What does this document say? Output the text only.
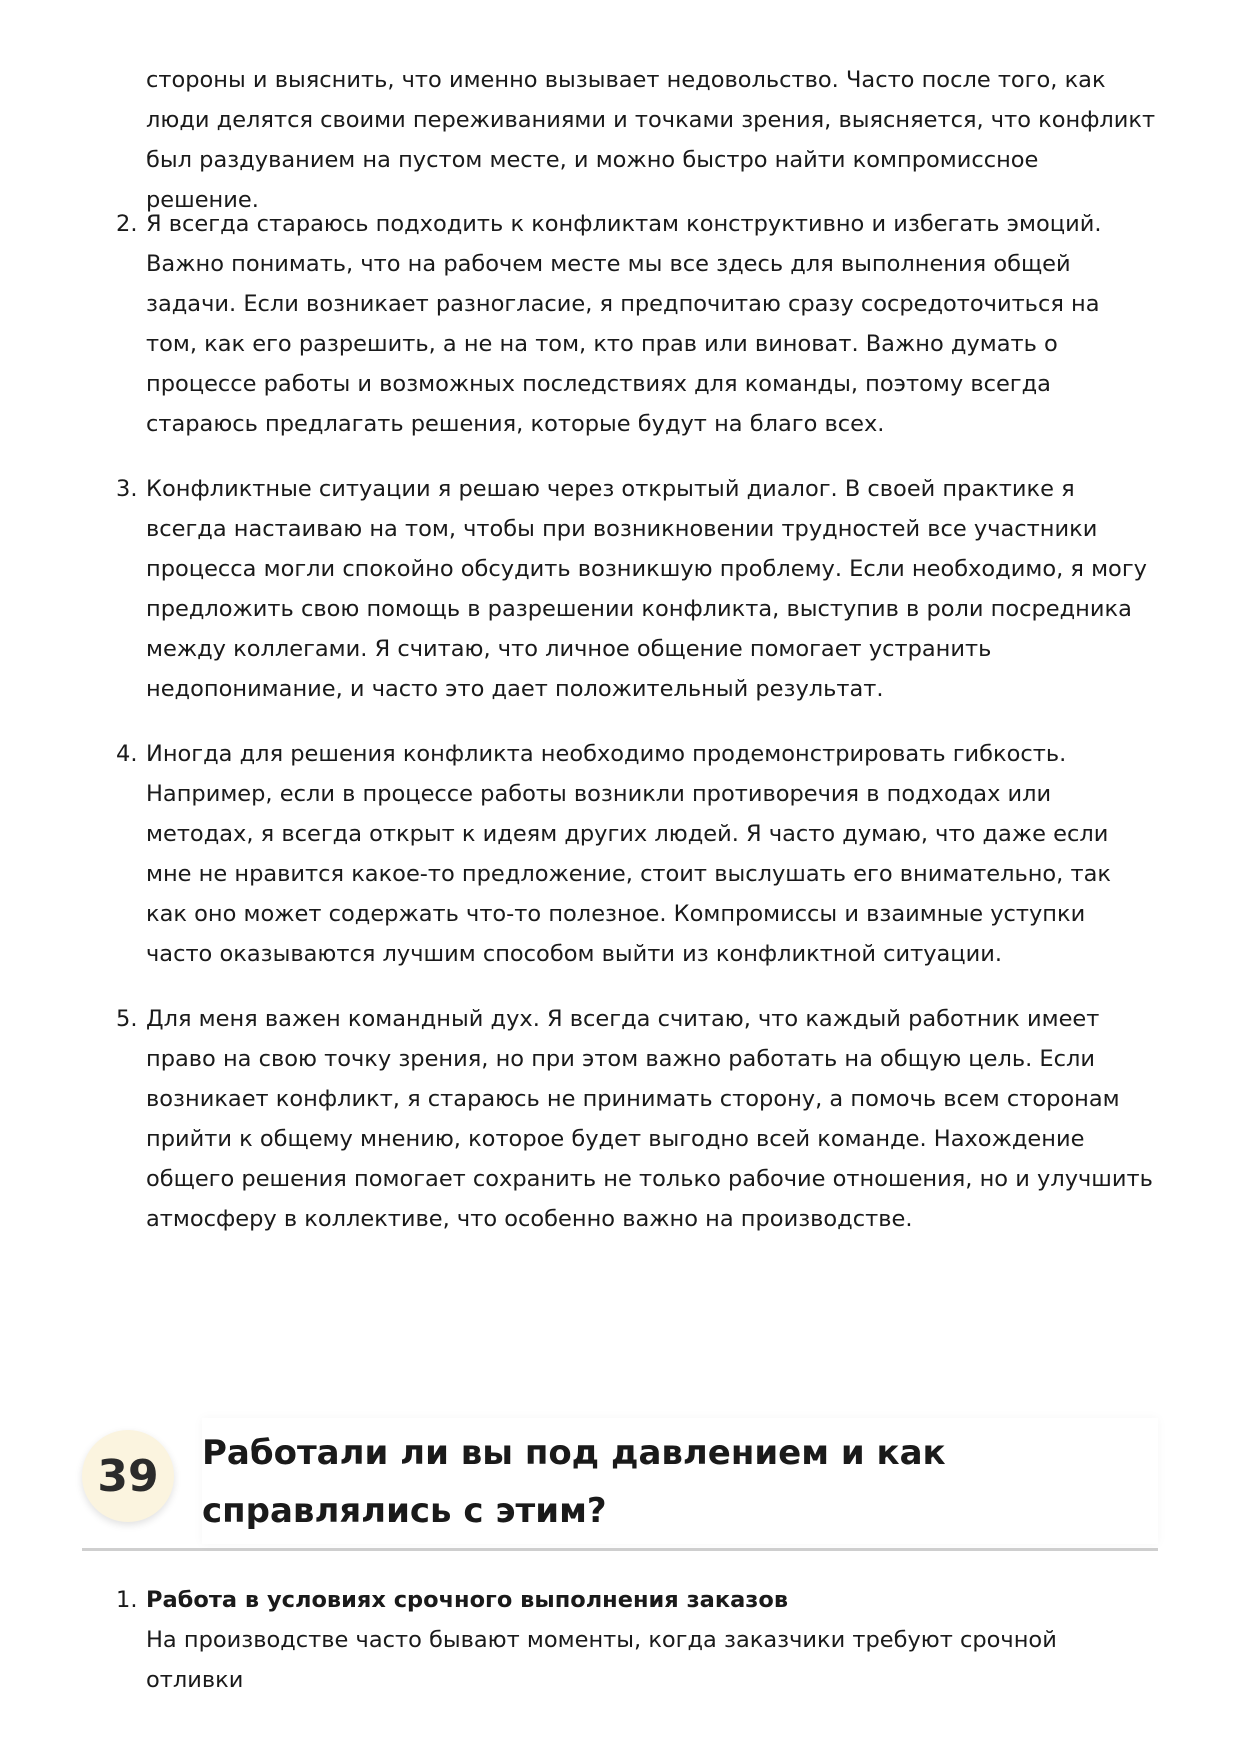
стороны и выяснить, что именно вызывает недовольство. Часто после того, как люди делятся своими переживаниями и точками зрения, выясняется, что конфликт был раздуванием на пустом месте, и можно быстро найти компромиссное решение.

2. Я всегда стараюсь подходить к конфликтам конструктивно и избегать эмоций. Важно понимать, что на рабочем месте мы все здесь для выполнения общей задачи. Если возникает разногласие, я предпочитаю сразу сосредоточиться на том, как его разрешить, а не на том, кто прав или виноват. Важно думать о процессе работы и возможных последствиях для команды, поэтому всегда стараюсь предлагать решения, которые будут на благо всех.
3. Конфликтные ситуации я решаю через открытый диалог. В своей практике я всегда настаиваю на том, чтобы при возникновении трудностей все участники процесса могли спокойно обсудить возникшую проблему. Если необходимо, я могу предложить свою помощь в разрешении конфликта, выступив в роли посредника между коллегами. Я считаю, что личное общение помогает устранить недопонимание, и часто это дает положительный результат.
4. Иногда для решения конфликта необходимо продемонстрировать гибкость. Например, если в процессе работы возникли противоречия в подходах или методах, я всегда открыт к идеям других людей. Я часто думаю, что даже если мне не нравится какое-то предложение, стоит выслушать его внимательно, так как оно может содержать что-то полезное. Компромиссы и взаимные уступки часто оказываются лучшим способом выйти из конфликтной ситуации.
5. Для меня важен командный дух. Я всегда считаю, что каждый работник имеет право на свою точку зрения, но при этом важно работать на общую цель. Если возникает конфликт, я стараюсь не принимать сторону, а помочь всем сторонам прийти к общему мнению, которое будет выгодно всей команде. Нахождение общего решения помогает сохранить не только рабочие отношения, но и улучшить атмосферу в коллективе, что особенно важно на производстве.
39	Работали ли вы под давлением и как справлялись с этим?
1. Работа в условиях срочного выполнения заказов
На производстве часто бывают моменты, когда заказчики требуют срочной отливки
